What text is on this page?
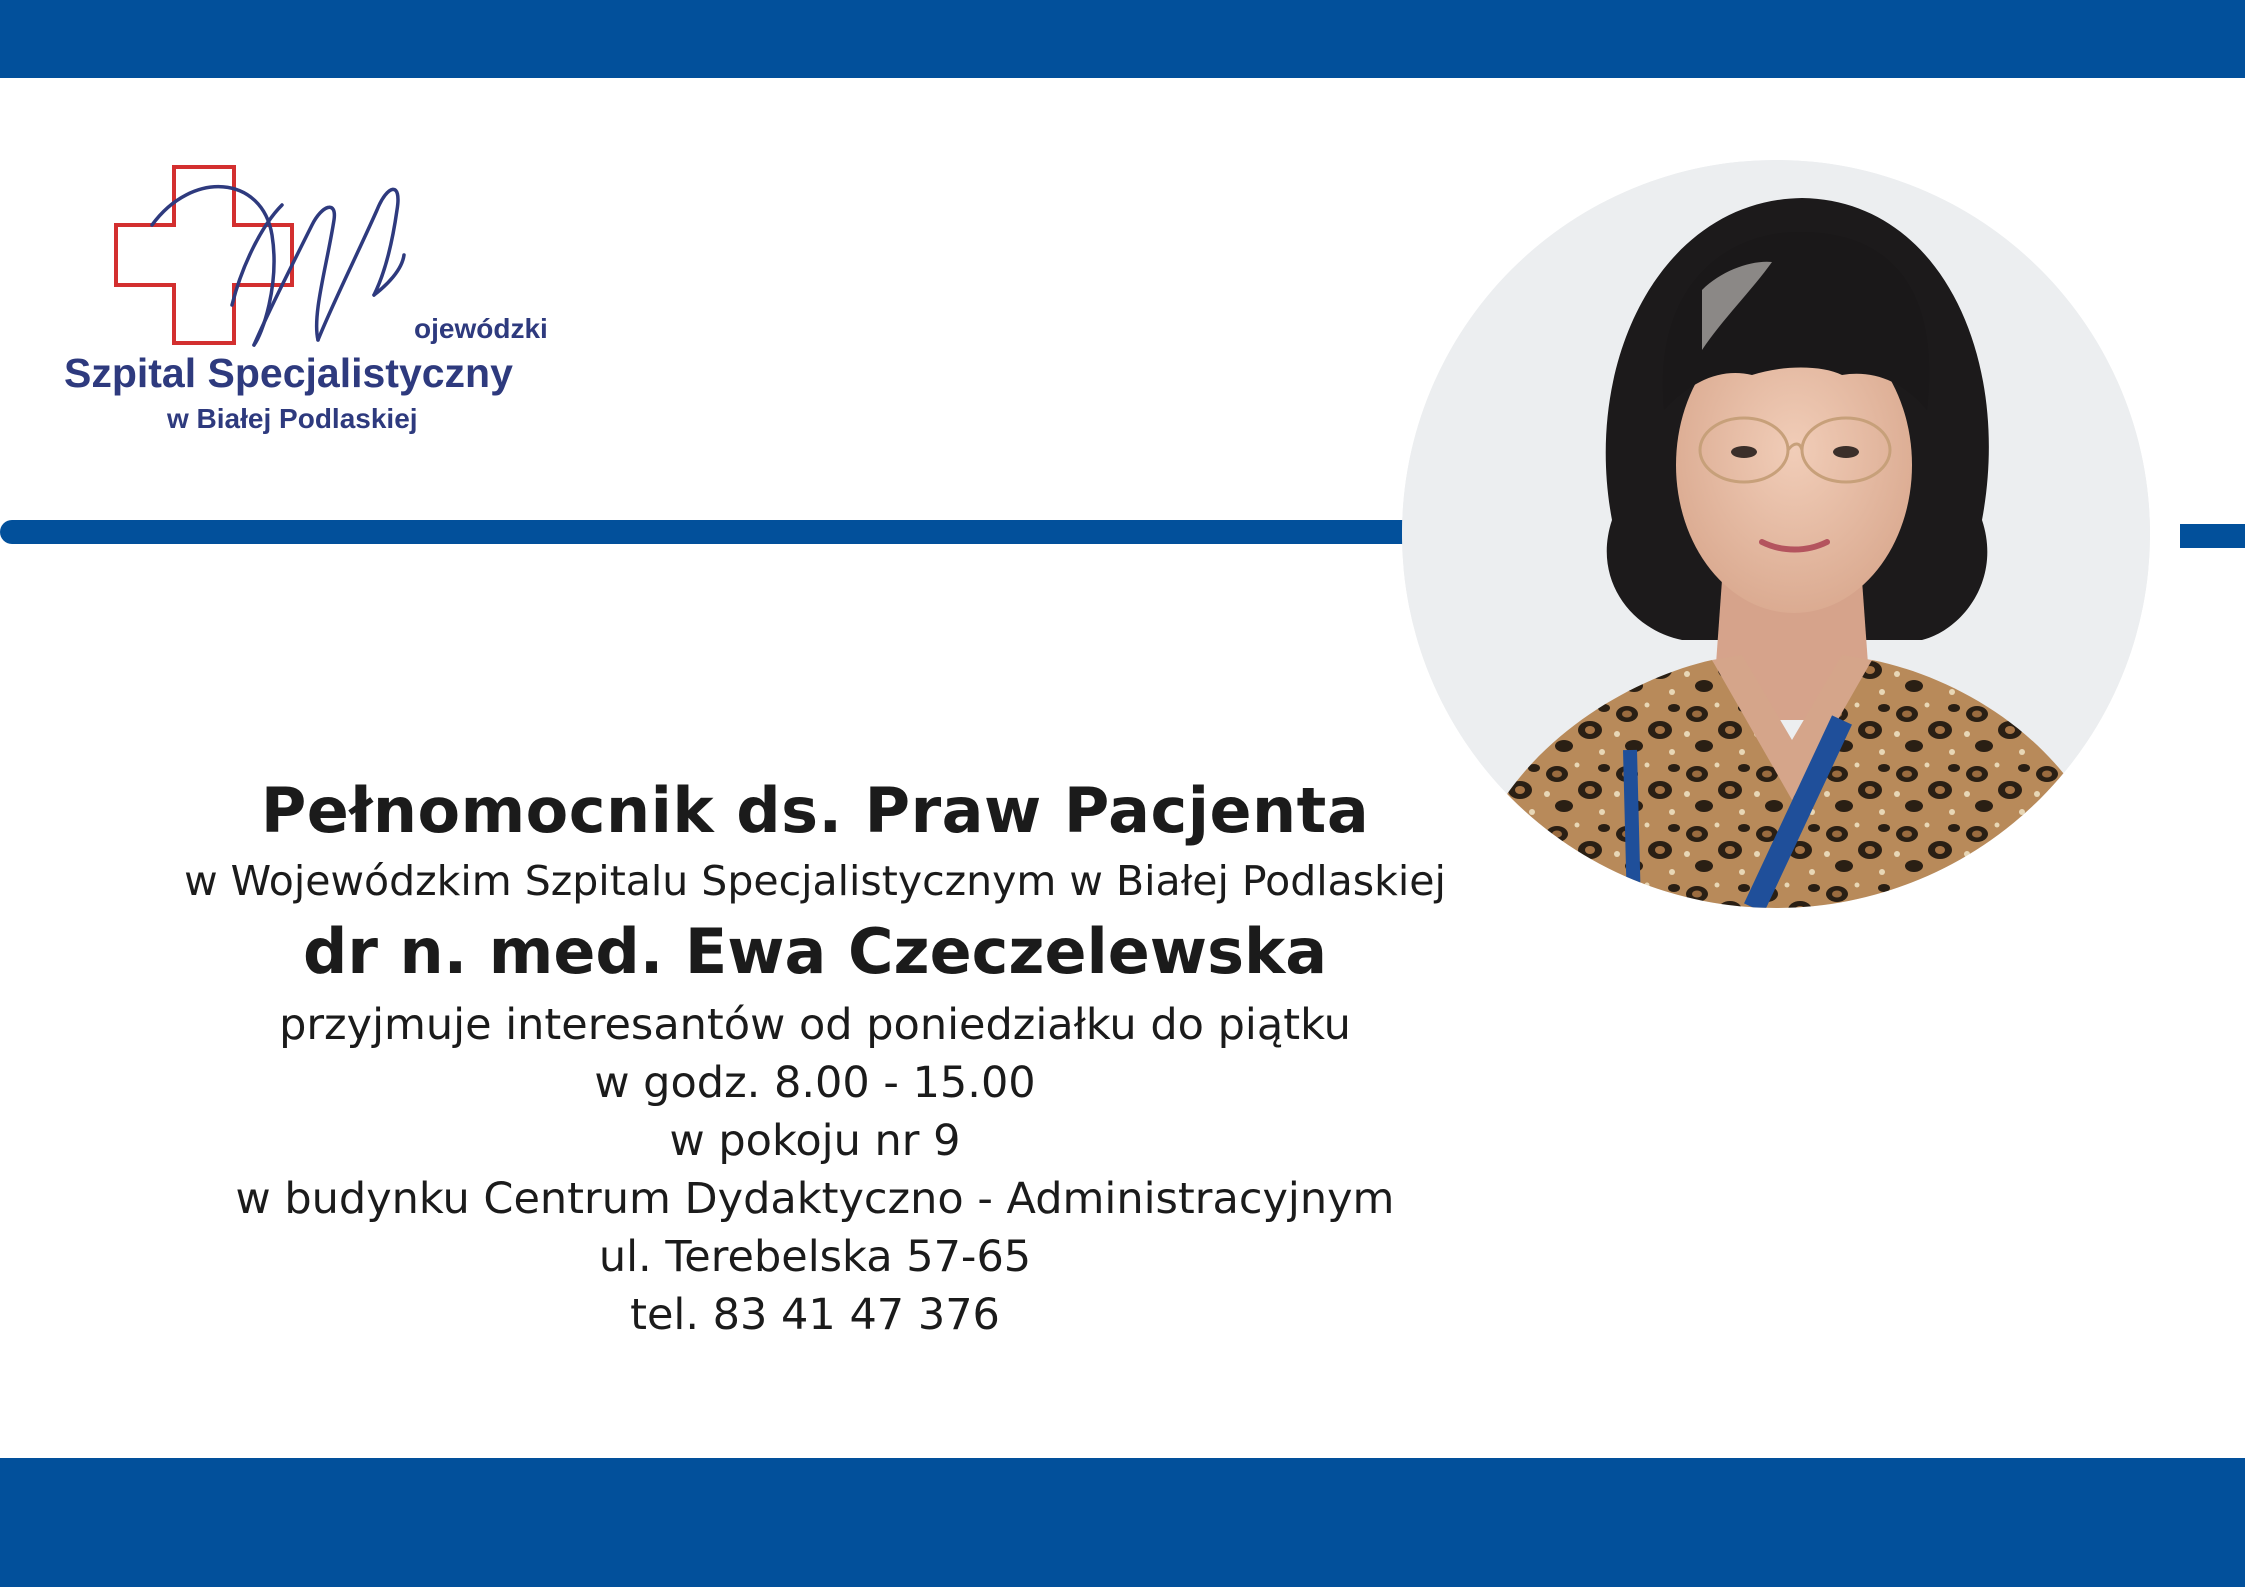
ojewódzki
Szpital Specjalistyczny
w Białej Podlaskiej
Pełnomocnik ds. Praw Pacjenta
w Wojewódzkim Szpitalu Specjalistycznym w Białej Podlaskiej
dr n. med. Ewa Czeczelewska
przyjmuje interesantów od poniedziałku do piątku
w godz. 8.00 - 15.00
w pokoju nr 9
w budynku Centrum Dydaktyczno - Administracyjnym
ul. Terebelska 57-65
tel. 83 41 47 376
